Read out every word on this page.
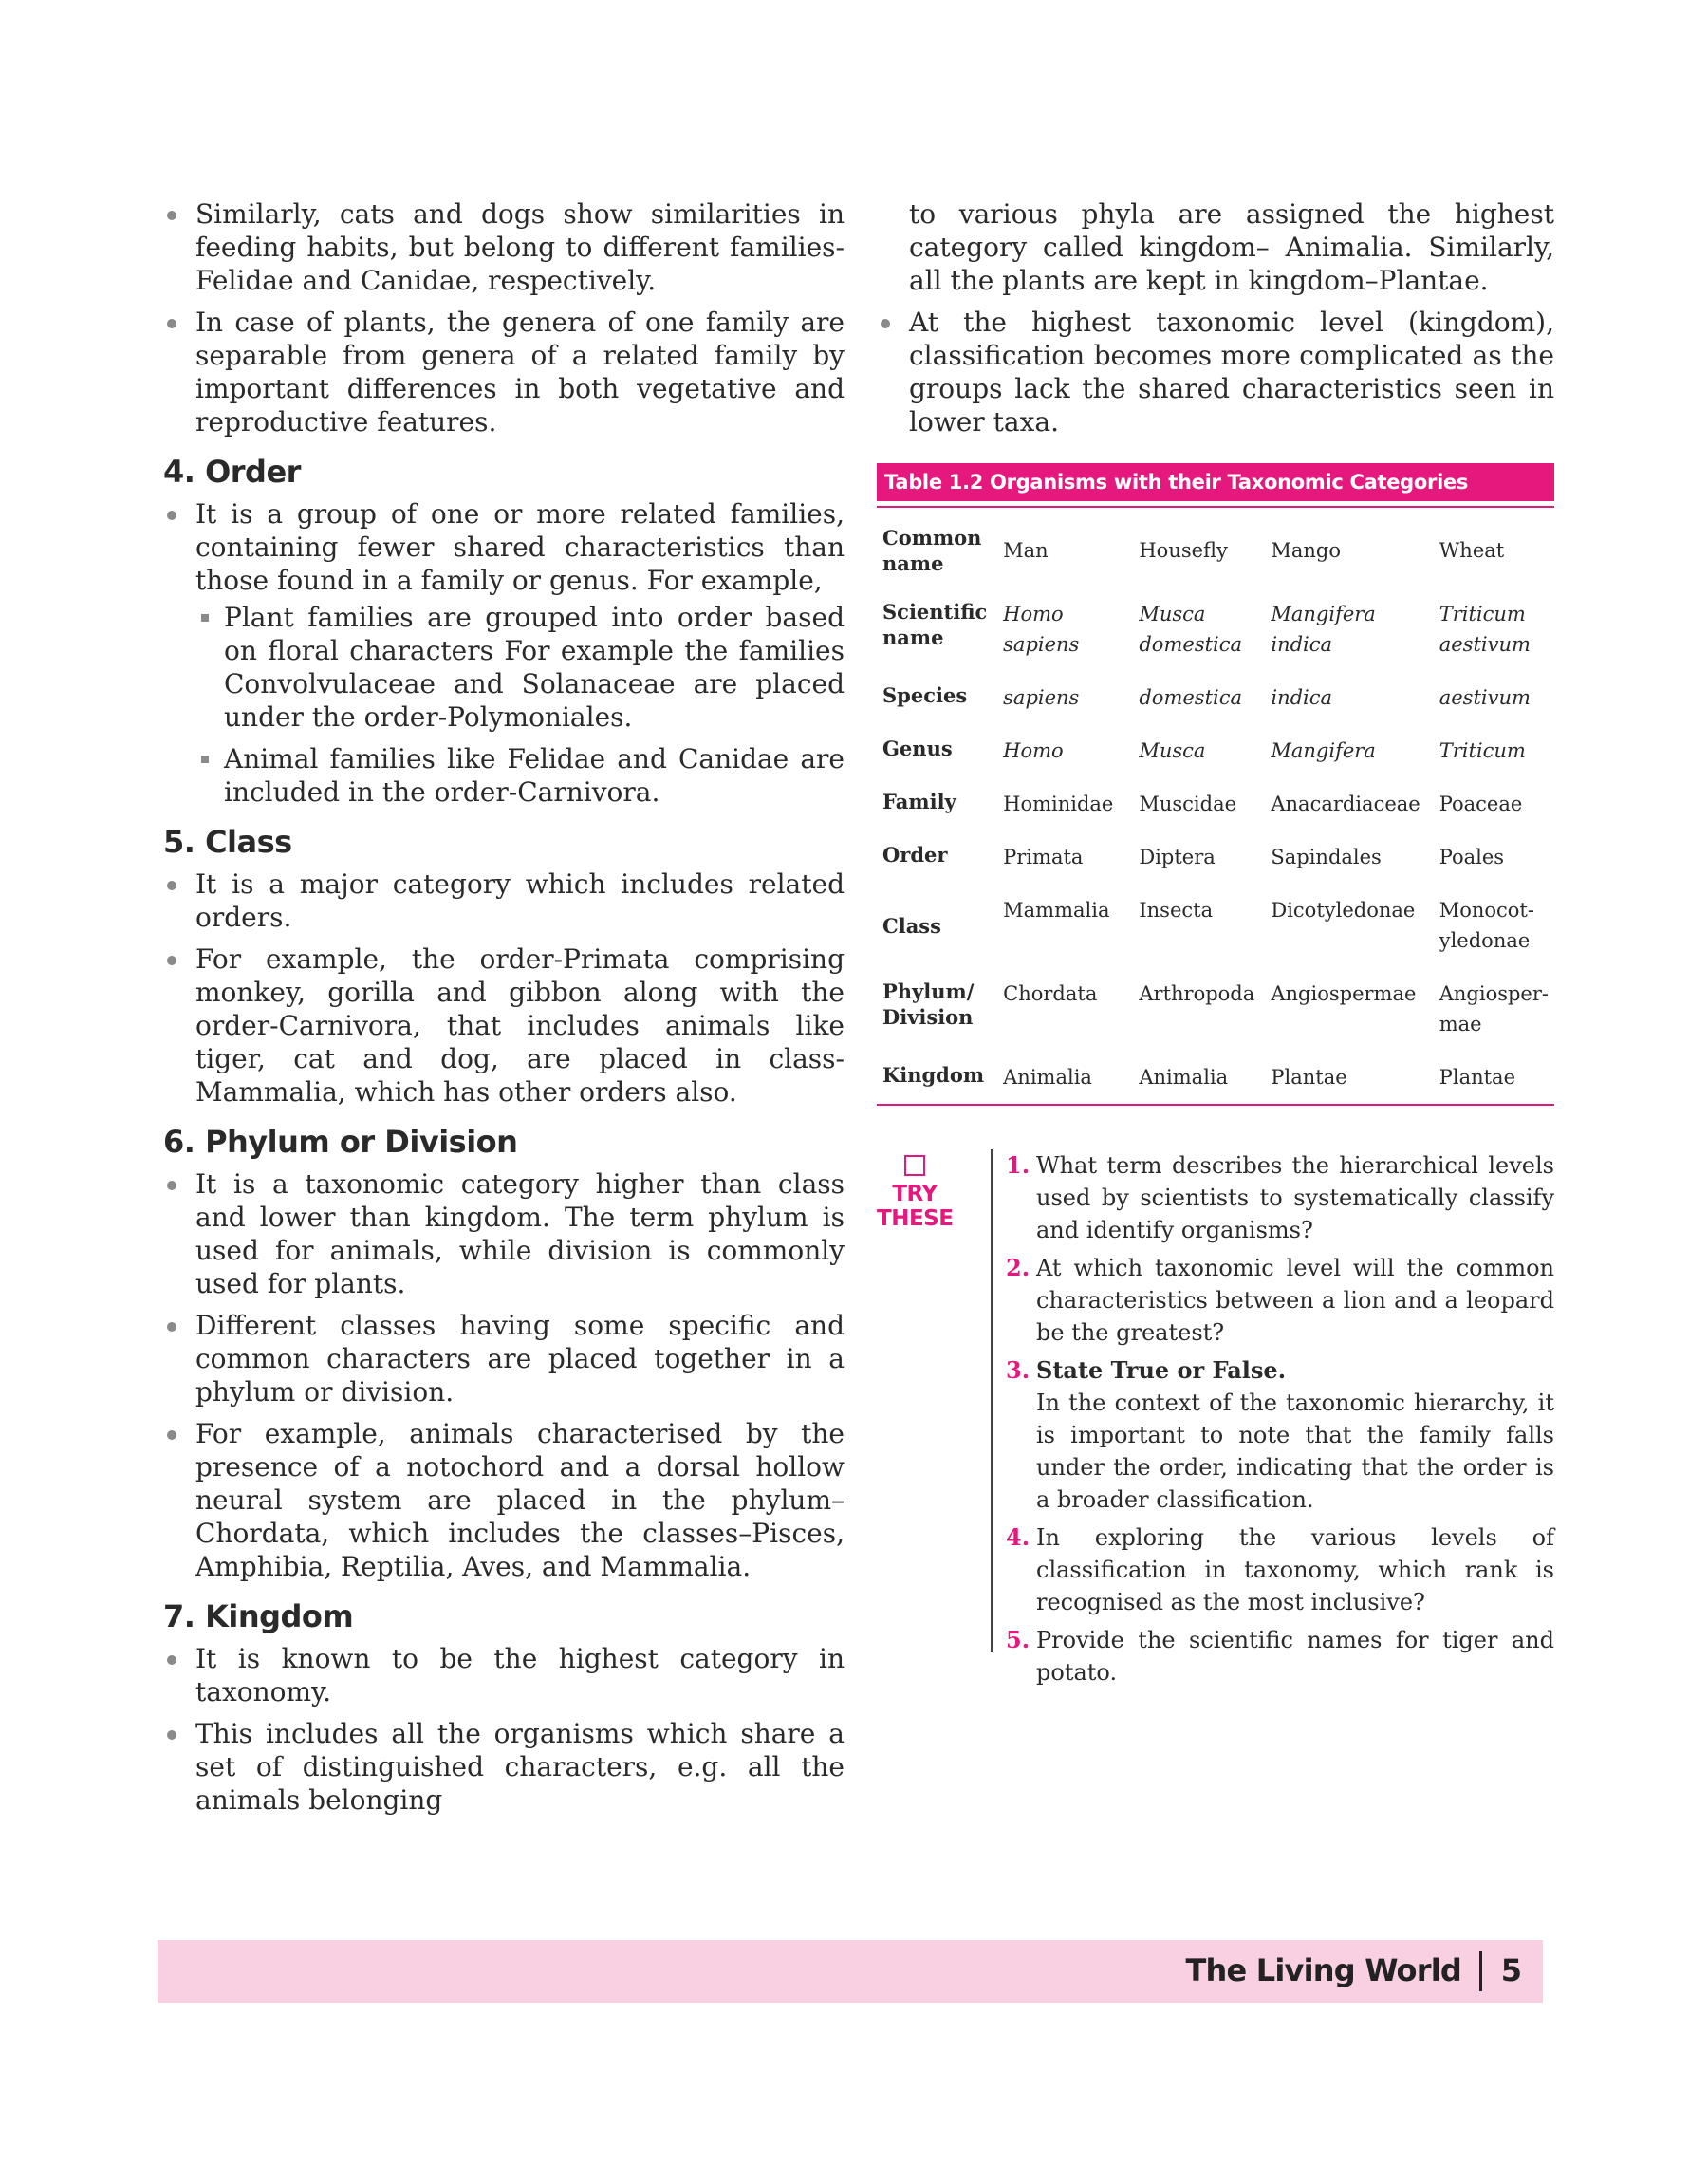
Similarly, cats and dogs show similarities in feeding habits, but belong to different families-Felidae and Canidae, respectively.
In case of plants, the genera of one family are separable from genera of a related family by important differences in both vegetative and reproductive features.
4. Order
It is a group of one or more related families, containing fewer shared characteristics than those found in a family or genus. For example,
Plant families are grouped into order based on floral characters For example the families Convolvulaceae and Solanaceae are placed under the order-Polymoniales.
Animal families like Felidae and Canidae are included in the order-Carnivora.
5. Class
It is a major category which includes related orders.
For example, the order-Primata comprising monkey, gorilla and gibbon along with the order-Carnivora, that includes animals like tiger, cat and dog, are placed in class-Mammalia, which has other orders also.
6. Phylum or Division
It is a taxonomic category higher than class and lower than kingdom. The term phylum is used for animals, while division is commonly used for plants.
Different classes having some specific and common characters are placed together in a phylum or division.
For example, animals characterised by the presence of a notochord and a dorsal hollow neural system are placed in the phylum–Chordata, which includes the classes–Pisces, Amphibia, Reptilia, Aves, and Mammalia.
7. Kingdom
It is known to be the highest category in taxonomy.
This includes all the organisms which share a set of distinguished characters, e.g. all the animals belonging

to various phyla are assigned the highest category called kingdom– Animalia. Similarly, all the plants are kept in kingdom–Plantae.

At the highest taxonomic level (kingdom), classification becomes more complicated as the groups lack the shared characteristics seen in lower taxa.
Table 1.2 Organisms with their Taxonomic Categories
Common name	Man	Housefly	Mango	Wheat
Scientific name	Homo sapiens	Musca domestica	Mangifera indica	Triticum aestivum
Species	sapiens	domestica	indica	aestivum
Genus	Homo	Musca	Mangifera	Triticum
Family	Hominidae	Muscidae	Anacardiaceae	Poaceae
Order	Primata	Diptera	Sapindales	Poales
Class	Mammalia	Insecta	Dicotyledonae	Monocot-yledonae
Phylum/ Division	Chordata	Arthropoda	Angiospermae	Angiosper-mae
Kingdom	Animalia	Animalia	Plantae	Plantae
TRY THESE
1. What term describes the hierarchical levels used by scientists to systematically classify and identify organisms?
2. At which taxonomic level will the common characteristics between a lion and a leopard be the greatest?
3. State True or False.
In the context of the taxonomic hierarchy, it is important to note that the family falls under the order, indicating that the order is a broader classification.
4. In exploring the various levels of classification in taxonomy, which rank is recognised as the most inclusive?
5. Provide the scientific names for tiger and potato.
The Living World 5
